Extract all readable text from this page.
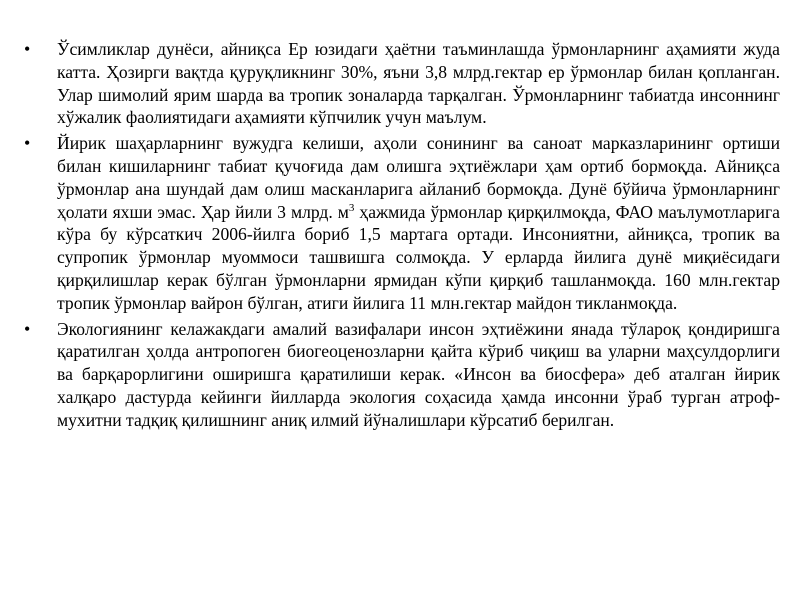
• Ўсимликлар дунёси, айниқса Ер юзидаги ҳаётни таъминлашда ўрмонларнинг аҳамияти жуда катта. Ҳозирги вақтда қуруқликнинг 30%, яъни 3,8 млрд.гектар ер ўрмонлар билан қопланган. Улар шимолий ярим шарда ва тропик зоналарда тарқалган. Ўрмонларнинг табиатда инсоннинг хўжалик фаолиятидаги аҳамияти кўпчилик учун маълум.
• Йирик шаҳарларнинг вужудга келиши, аҳоли сонининг ва саноат марказларининг ортиши билан кишиларнинг табиат қучоғида дам олишга эҳтиёжлари ҳам ортиб бормоқда. Айниқса ўрмонлар ана шундай дам олиш масканларига айланиб бормоқда. Дунё бўйича ўрмонларнинг ҳолати яхши эмас. Ҳар йили 3 млрд. $м^3$ ҳажмида ўрмонлар қирқилмоқда, ФАО маълумотларига кўра бу кўрсаткич 2006-йилга бориб 1,5 мартага ортади. Инсониятни, айниқса, тропик ва супропик ўрмонлар муоммоси ташвишга солмоқда. У ерларда йилига дунё миқиёсидаги қирқилишлар керак бўлган ўрмонларни ярмидан кўпи қирқиб ташланмоқда. 160 млн.гектар тропик ўрмонлар вайрон бўлган, атиги йилига 11 млн.гектар майдон тикланмоқда.
• Экологиянинг келажакдаги амалий вазифалари инсон эҳтиёжини янада тўлароқ қондиришга қаратилган ҳолда антропоген биогеоценозларни қайта кўриб чиқиш ва уларни маҳсулдорлиги ва барқарорлигини оширишга қаратилиши керак. «Инсон ва биосфера» деб аталган йирик халқаро дастурда кейинги йилларда экология соҳасида ҳамда инсонни ўраб турган атроф-мухитни тадқиқ қилишнинг аниқ илмий йўналишлари кўрсатиб берилган.
